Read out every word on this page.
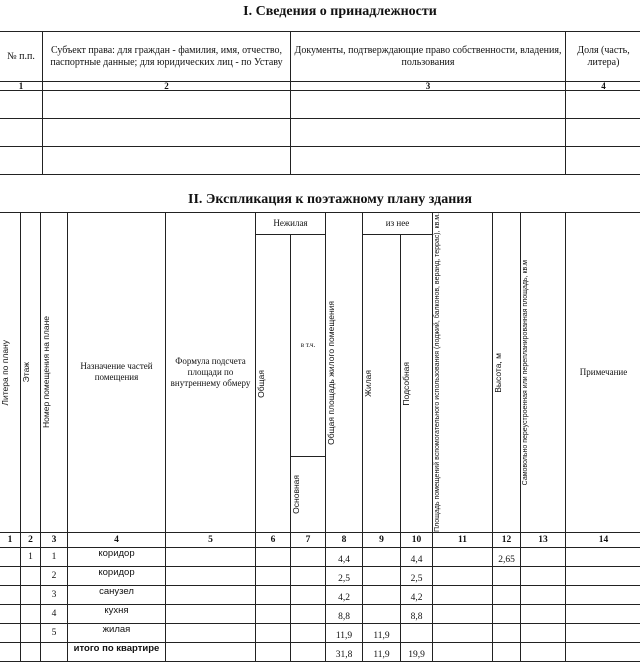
I. Сведения о принадлежности
№ п.п.	Субъект права: для граждан - фамилия, имя, отчество, паспортные данные; для юридических лиц - по Уставу	Документы, подтверждающие право собственности, владения, пользования	Доля (часть, литера)
1	2	3	4

II. Экспликация к поэтажному плану здания
Литера по плану	Этаж	Номер помещения на плане	Назначение частей помещения	Формула подсчета площади по внутреннему обмеру	Нежилая		Общая площадь жилого помещения	из нее		Площадь помещений вспомогательного использования (лоджий, балконов, веранд, террас), кв.м.	Высота, м	Самовольно переустроенная или перепланированная площадь, кв.м	Примечание

					Общая	в т.ч.		Жилая	Подсобная				

						Основная							

1	2	3	4	5	6	7	8	9	10	11	12	13	14
	1	1	коридор				4,4		4,4		2,65		
		2	коридор				2,5		2,5				
		3	санузел				4,2		4,2				
		4	кухня				8,8		8,8				
		5	жилая				11,9	11,9					
			итого по квартире				31,8	11,9	19,9				
